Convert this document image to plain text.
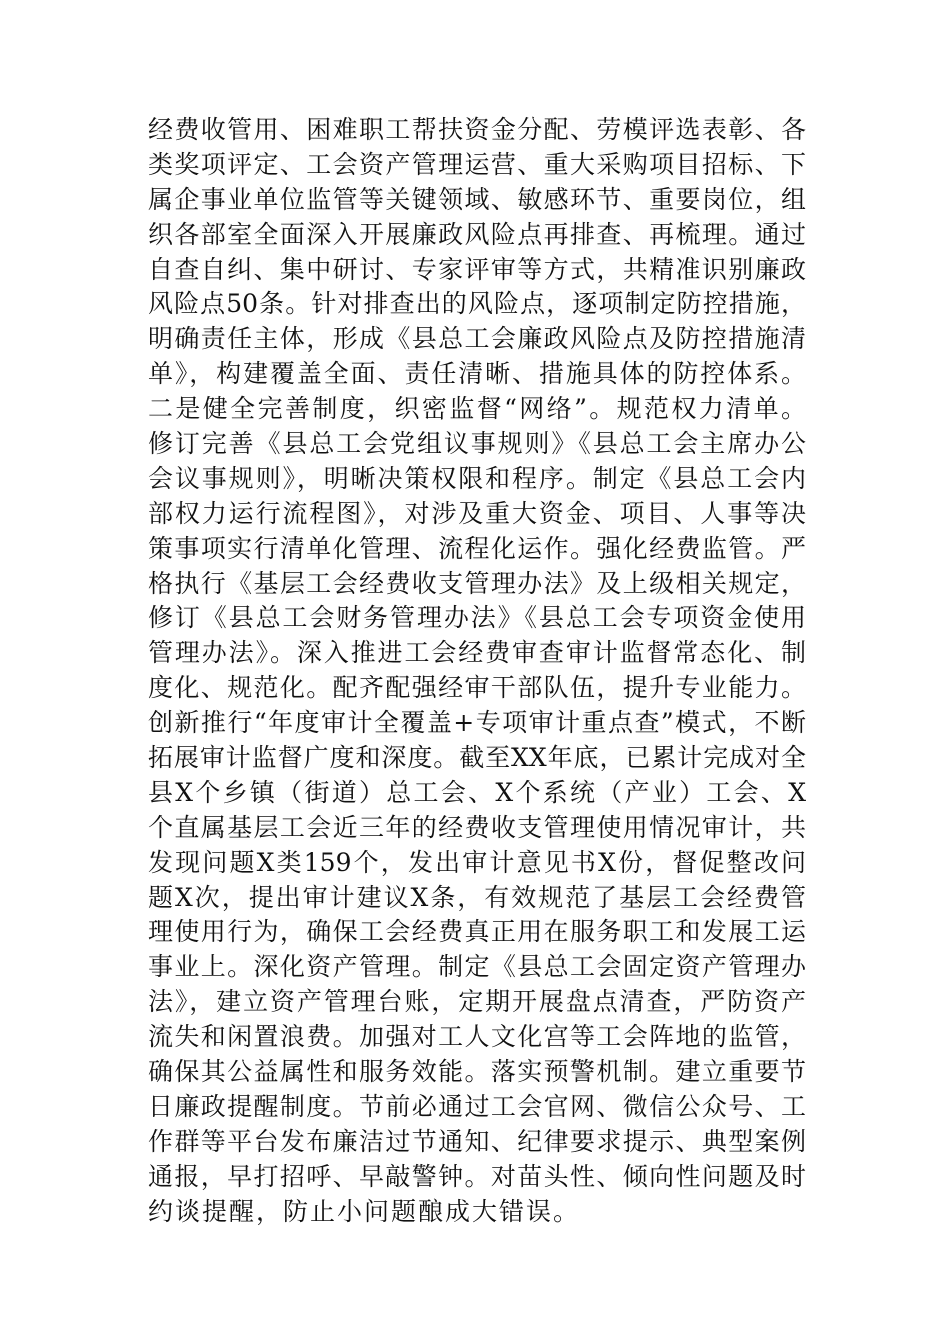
经费收管用、困难职工帮扶资金分配、劳模评选表彰、各
类奖项评定、工会资产管理运营、重大采购项目招标、下
属企事业单位监管等关键领域、敏感环节、重要岗位，组
织各部室全面深入开展廉政风险点再排查、再梳理。通过
自查自纠、集中研讨、专家评审等方式，共精准识别廉政
风险点50条。针对排查出的风险点，逐项制定防控措施，
明确责任主体，形成《县总工会廉政风险点及防控措施清
单》，构建覆盖全面、责任清晰、措施具体的防控体系。
二是健全完善制度，织密监督“网络”。规范权力清单。
修订完善《县总工会党组议事规则》《县总工会主席办公
会议事规则》，明晰决策权限和程序。制定《县总工会内
部权力运行流程图》，对涉及重大资金、项目、人事等决
策事项实行清单化管理、流程化运作。强化经费监管。严
格执行《基层工会经费收支管理办法》及上级相关规定，
修订《县总工会财务管理办法》《县总工会专项资金使用
管理办法》。深入推进工会经费审查审计监督常态化、制
度化、规范化。配齐配强经审干部队伍，提升专业能力。
创新推行“年度审计全覆盖+专项审计重点查”模式，不断
拓展审计监督广度和深度。截至XX年底，已累计完成对全
县X个乡镇（街道）总工会、X个系统（产业）工会、X
个直属基层工会近三年的经费收支管理使用情况审计，共
发现问题X类159个，发出审计意见书X份，督促整改问
题X次，提出审计建议X条，有效规范了基层工会经费管
理使用行为，确保工会经费真正用在服务职工和发展工运
事业上。深化资产管理。制定《县总工会固定资产管理办
法》，建立资产管理台账，定期开展盘点清查，严防资产
流失和闲置浪费。加强对工人文化宫等工会阵地的监管，
确保其公益属性和服务效能。落实预警机制。建立重要节
日廉政提醒制度。节前必通过工会官网、微信公众号、工
作群等平台发布廉洁过节通知、纪律要求提示、典型案例
通报，早打招呼、早敲警钟。对苗头性、倾向性问题及时
约谈提醒，防止小问题酿成大错误。
